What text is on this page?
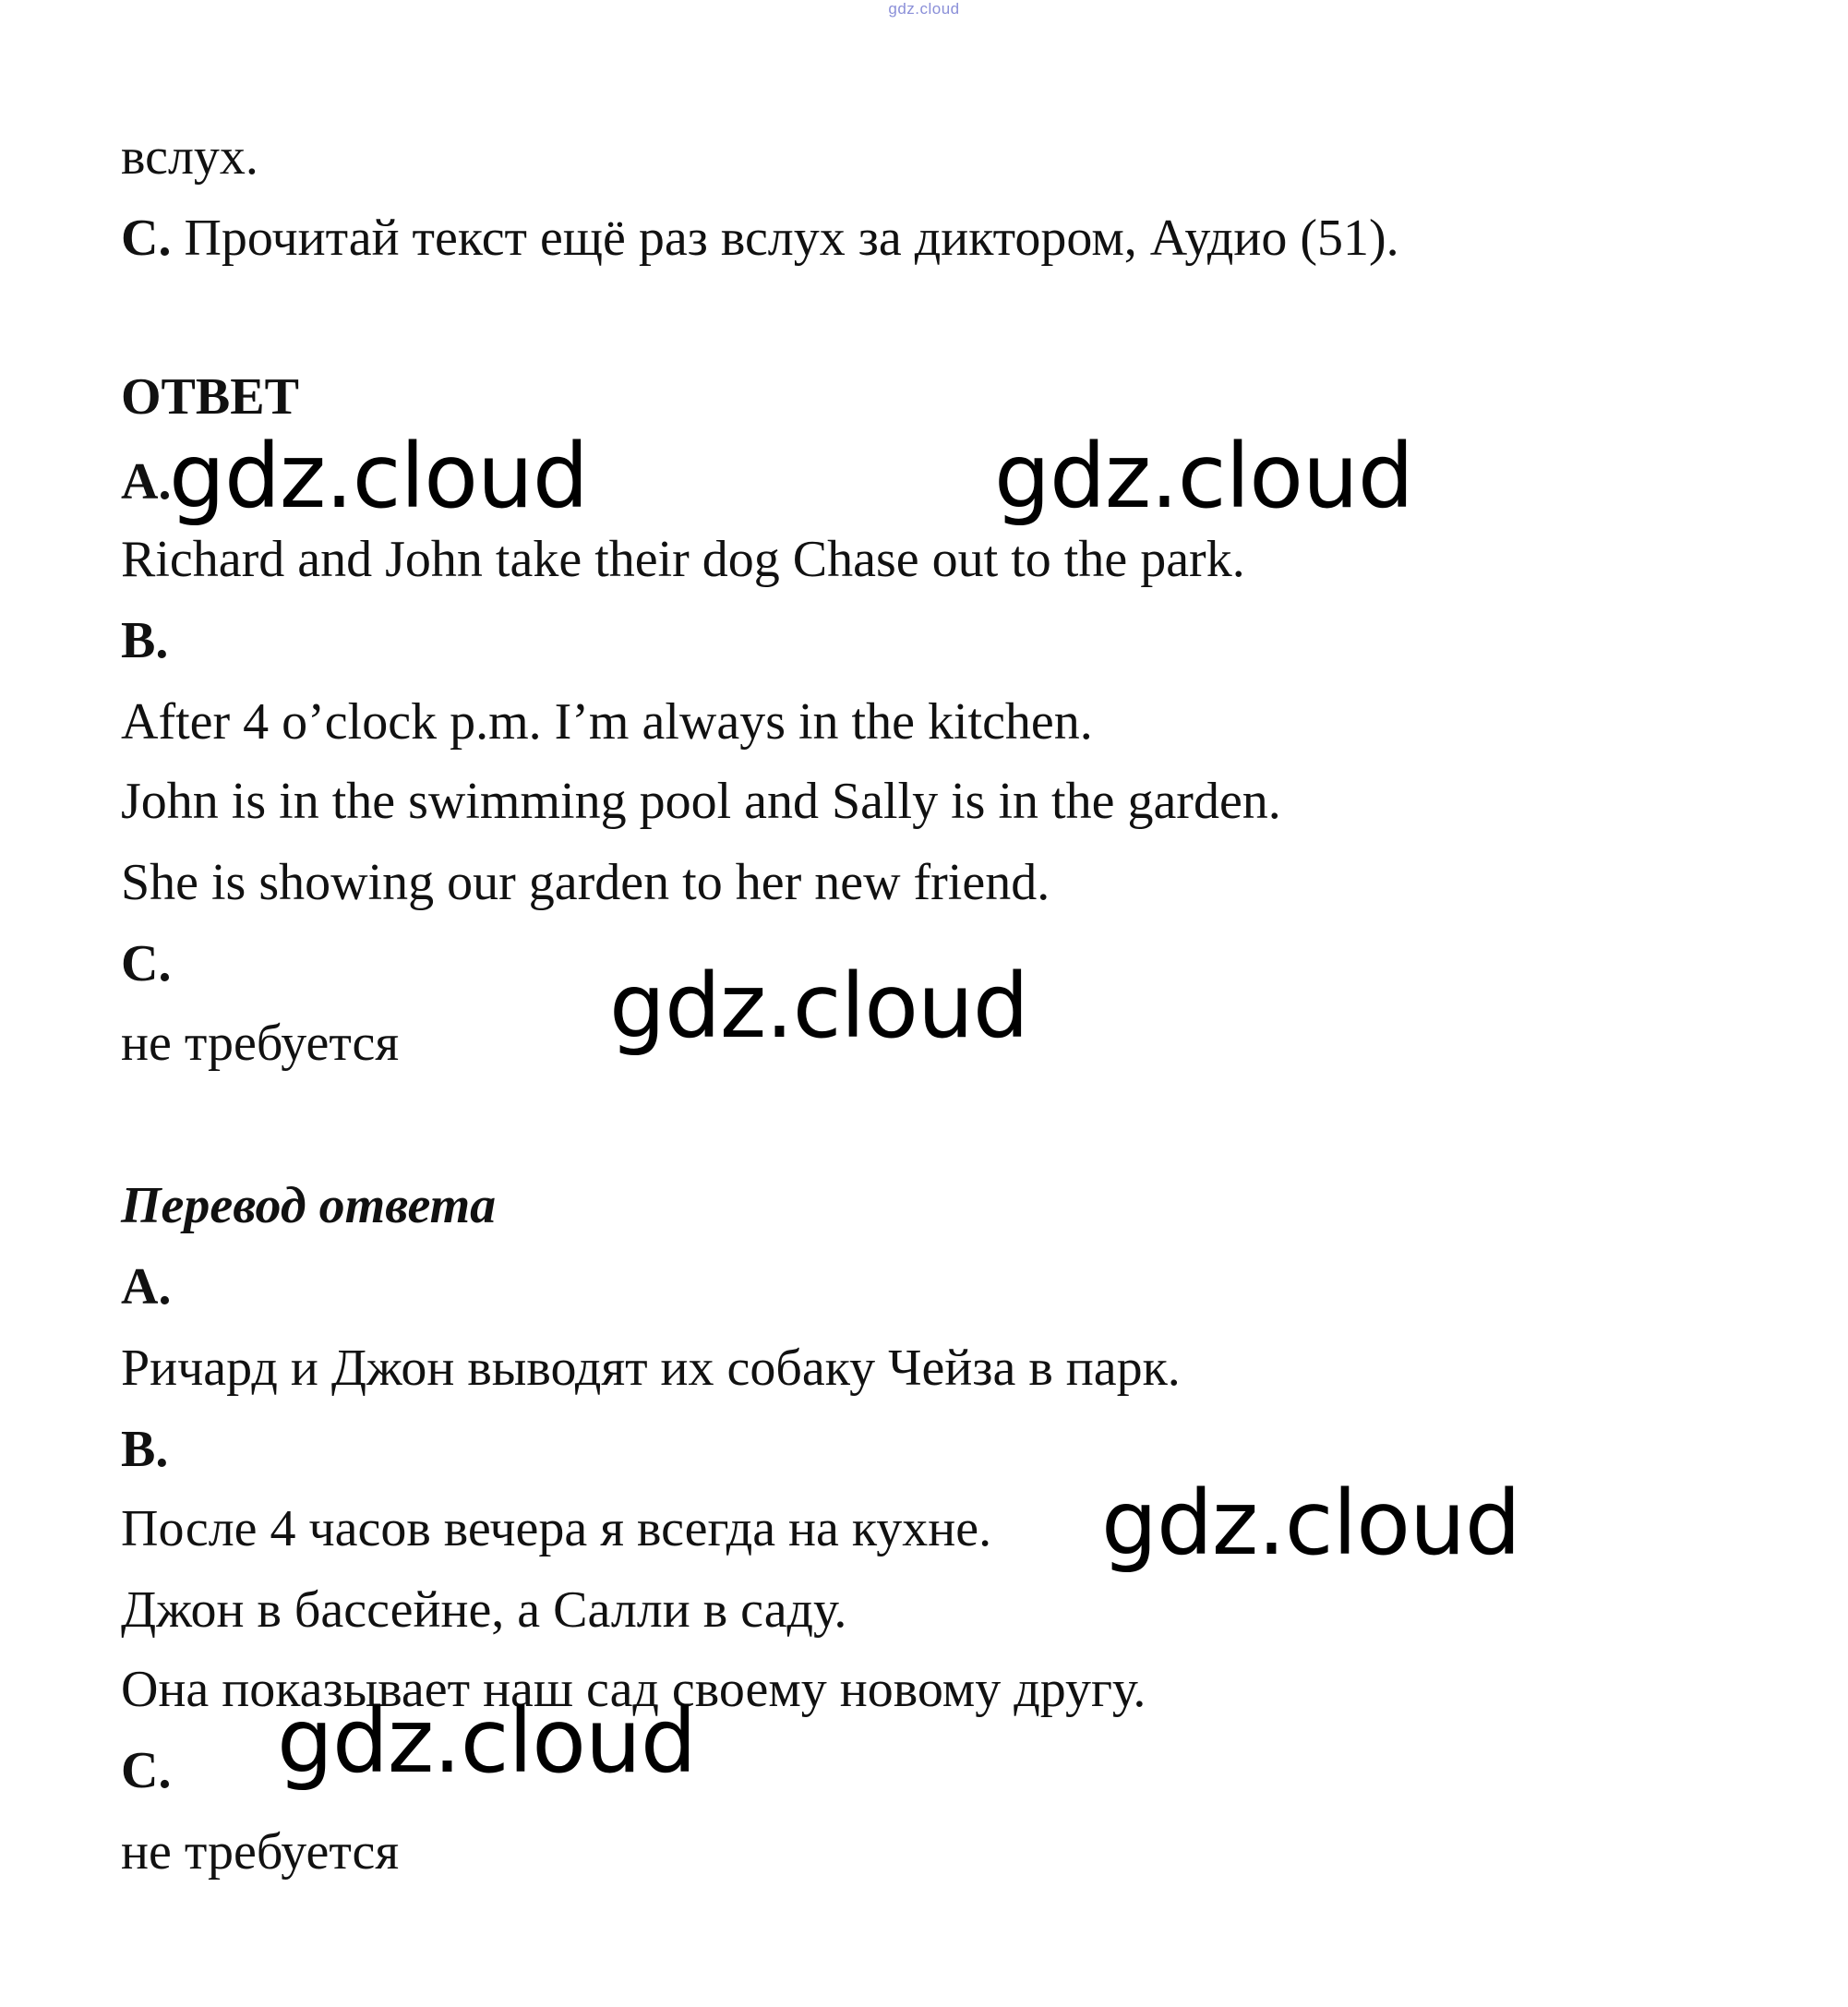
gdz.cloud
вслух.
C. Прочитай текст ещё раз вслух за диктором, Аудио (51).
ОТВЕТ
A.
Richard and John take their dog Chase out to the park.
B.
After 4 o’clock p.m. I’m always in the kitchen.
John is in the swimming pool and Sally is in the garden.
She is showing our garden to her new friend.
C.
не требуется
Перевод ответа
A.
Ричард и Джон выводят их собаку Чейза в парк.
B.
После 4 часов вечера я всегда на кухне.
Джон в бассейне, а Салли в саду.
Она показывает наш сад своему новому другу.
C.
не требуется
gdz.cloud	gdz.cloud
gdz.cloud
gdz.cloud
gdz.cloud
